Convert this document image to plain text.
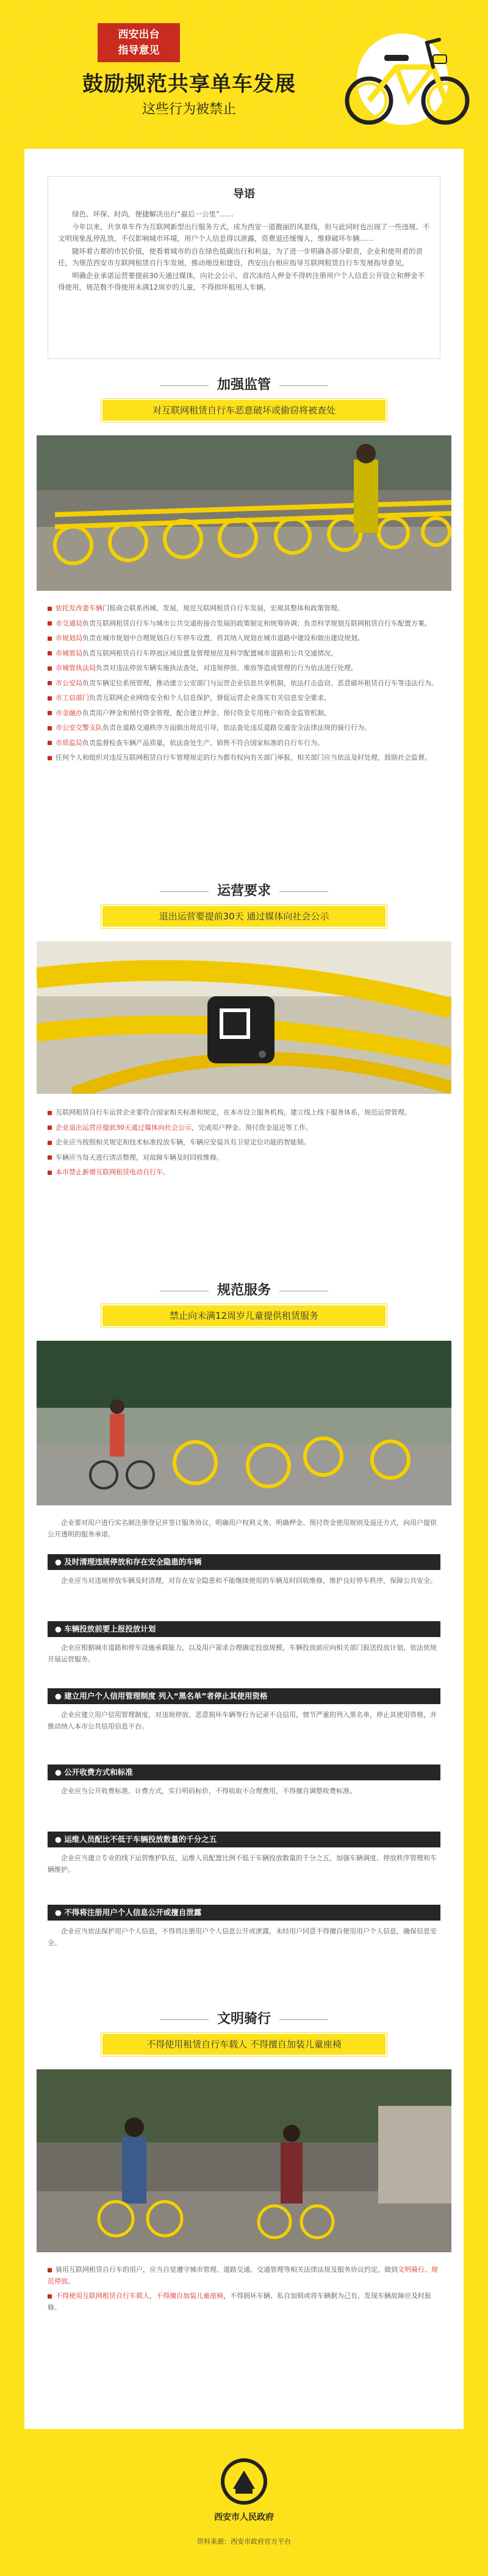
西安出台
指导意见
鼓励规范共享单车发展
这些行为被禁止
导语

绿色、环保、时尚，便捷解决出行“最后一公里”……

今年以来，共享单车作为互联网新型出行服务方式，成为西安一道靓丽的风景线，但与此同时也出现了一些违规、不文明现象乱停乱放，不仅影响城市环境，用户个人信息得以泄露，资费退还缓慢人，维修破坏车辆……

随环着古都的市民价值，使看着城市的自在绿色低碳出行和利益，为了进一步明确各部分职责，企业和使用者的责任，为规范西安市互联网租赁自行车发展，推动地设和建设，西安出台相应指导互联网租赁自行车发展指导意见。

明确企业承诺运营要提前30天通过媒体，向社会公示，首次冻结人押金不得转注册用户个人信息公开设立和押金不得使用，规范数不得使用未满12周岁的儿童，不得损坏租用人车辆。

加强监管
对互联网租赁自行车恶意破坏或偷窃将被查处

依托发改委车辆门报商会联系西城、发展，规范互联网租赁自行车发展，宏观其整体和政策管理。

市交通局负责互联网租赁自行车与城市公共交通衔接合发展的政策制定和统筹协调；负责科学规划互联网租赁自行车配置方案。

市规划局负责在城市规划中合理规划自行车停车设置，将其纳入规划在城市道路中建设和做出建设规划。

市城管局负责互联网租赁自行车停放区域设置及管理规范及科学配置城市道路和公共交通情况。

市城管执法局负责对违法停放车辆实施执法查处，对违规停放、堆放等造成管理的行为依法进行处理。

市公安局负责车辆定位系统管理，推动建立公安部门与运营企业信息共享机制，依法打击盗窃、恶意破坏租赁自行车等违法行为。

市工信部门负责互联网企业网络安全和个人信息保护，督促运营企业落实有关信息安全要求。

市金融办负责用户押金和预付资金管理，配合建立押金、预付资金专用账户和资金监管机制。

市公安交警支队负责在道路交通秩序方面做出规范引导，依法查处违反道路交通安全法律法规的骑行行为。

市质监局负责监督检查车辆产品质量，依法查处生产、销售不符合国家标准的自行车行为。

任何个人和组织对违反互联网租赁自行车管理规定的行为都有权向有关部门举报，相关部门应当依法及时处理，鼓励社会监督。

运营要求
退出运营要提前30天 通过媒体向社会公示

互联网租赁自行车运营企业要符合国家相关标准和规定，在本市设立服务机构，建立线上线下服务体系，规范运营管理。

企业退出运营应提前30天通过媒体向社会公示，完成用户押金、预付资金退还等工作。

企业应当按照相关规定和技术标准投放车辆，车辆应安装具有卫星定位功能的智能锁。

车辆应当每天进行清洁整理，对故障车辆及时回收维修。

本市禁止新增互联网租赁电动自行车。

规范服务
禁止向未满12周岁儿童提供租赁服务
企业要对用户进行实名制注册登记并签订服务协议，明确用户权利义务，明确押金、预付资金使用规则及退还方式，向用户提供公开透明的服务承诺。
● 及时清理违规停放和存在安全隐患的车辆
企业应当对违规停放车辆及时清理，对存在安全隐患和不能继续使用的车辆及时回收维修，维护良好停车秩序，保障公共安全。
● 车辆投放前要上报投放计划
企业应根据城市道路和停车设施承载能力，以及用户需求合理确定投放规模，车辆投放前应向相关部门报送投放计划，依法依规开展运营服务。
● 建立用户个人信用管理制度 列入“黑名单”者停止其使用资格
企业应建立用户信用管理制度，对违规停放、恶意损坏车辆等行为记录不良信用，情节严重的列入黑名单，停止其使用资格，并推动纳入本市公共信用信息平台。
● 公开收费方式和标准
企业应当公开收费标准、计费方式，实行明码标价，不得收取不合理费用，不得擅自调整收费标准。
● 运维人员配比不低于车辆投放数量的千分之五
企业应当建立专业的线下运营维护队伍，运维人员配置比例不低于车辆投放数量的千分之五，加强车辆调度、停放秩序管理和车辆维护。
● 不得将注册用户个人信息公开或擅自泄露
企业应当依法保护用户个人信息，不得将注册用户个人信息公开或泄露，未经用户同意不得擅自使用用户个人信息，确保信息安全。
文明骑行
不得使用租赁自行车载人 不得擅自加装儿童座椅

骑用互联网租赁自行车的用户，应当自觉遵守城市管理、道路交通、交通管理等相关法律法规及服务协议约定，做到文明骑行、规范停放。

不得使用互联网租赁自行车载人，不得擅自加装儿童座椅，不得损坏车辆、私自加锁或将车辆据为己有，发现车辆故障应及时报修。

西安市人民政府
资料来源：西安市政府官方平台
